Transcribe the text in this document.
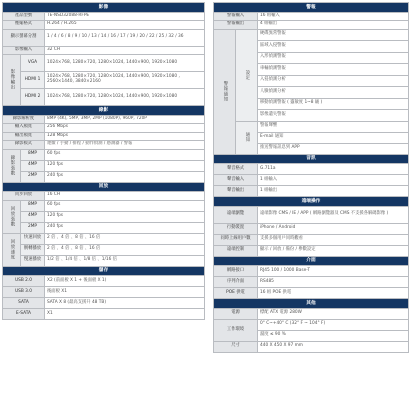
影像		
產品型號		TE-NSD32088-RFPE
壓縮格式		H.264 / H.265
顯示螢幕分割		1 / 4 / 6 / 8 / 9 / 10 / 13 / 14 / 16 / 17 / 19 / 20 / 22 / 25 / 32 / 36
影像輸入		32 CH
影像輸出	VGA	1024×768, 1280×720, 1280×1024, 1440×900, 1920×1080
	HDMI 1	1024×768, 1280×720, 1280×1024, 1440×900, 1920×1080 , 2560×1440, 3840×2160
	HDMI 2	1024×768, 1280×720, 1280×1024, 1440×900, 1920×1080
錄影		
錄影解析度		8MP (4K), 5MP, 3MP, 2MP (1080P), 960P, 720P
輸入頻寬		256 Mbps
輸出頻寬		128 Mbps
錄影模式		連續 / 手動 / 排程 / 動作偵測 / 感測器 / 警報
錄影張數	8MP	60 fps
	4MP	120 fps
	2MP	240 fps
回放		
同步回放		16 CH
回放張數	8MP	60 fps
	4MP	120 fps
	2MP	240 fps
回放速度	快速回放	2 倍 、4 倍 、8 倍 、16 倍
	倒轉播放	2 倍 、4 倍 、8 倍 、16 倍
	慢速播放	1/2 倍 、1/4 倍 、1/8 倍 、1/16 倍
儲存		
USB 2.0		X2 (前面板 X 1 + 後面板 X 1)
USB 3.0		後面板 X1
SATA		SATA X 8 (最高支援升 48 TB)
E-SATA		X1
警報		
警報輸入		16 組輸入
警報輸出		4 組輸出
警報通知	設定	硬碟異常警報
		區域入侵警報
		入形偵測警報
		車輛偵測警報
		入侵偵測分析
		人臉偵測分析
		移動偵測警報 ( 靈敏度 1~8 級 )
		影像遺失警報
	通知	警報聲響
		E-mail 通知
		推送警報訊息到 APP
音訊		
聲音格式		G.711a
聲音輸入		1 組輸入
聲音輸出		1 組輸出
遠端操作		
遠端瀏覽		遠端影像 CMS / IE / APP ( 網路瀏覽器及 CMS 不支援各解碼影像 )
行動裝置		iPhone / Android
同時上線用戶數		支援多個用戶同時觀看
遠端控制		顯示 / 回放 / 備份 / 參數設定
介面		
網路接口		RJ45 100 / 1000 Base-T
序列介面		RS485
POE 供電		16 組 POE 供電
其他		
電源		標配 ATX 電源 280W
工作環境		0° C~+40° C (32° F ~ 104° F)
		濕度 ≤ 90 %
尺寸		440 X 450 X 97 mm
